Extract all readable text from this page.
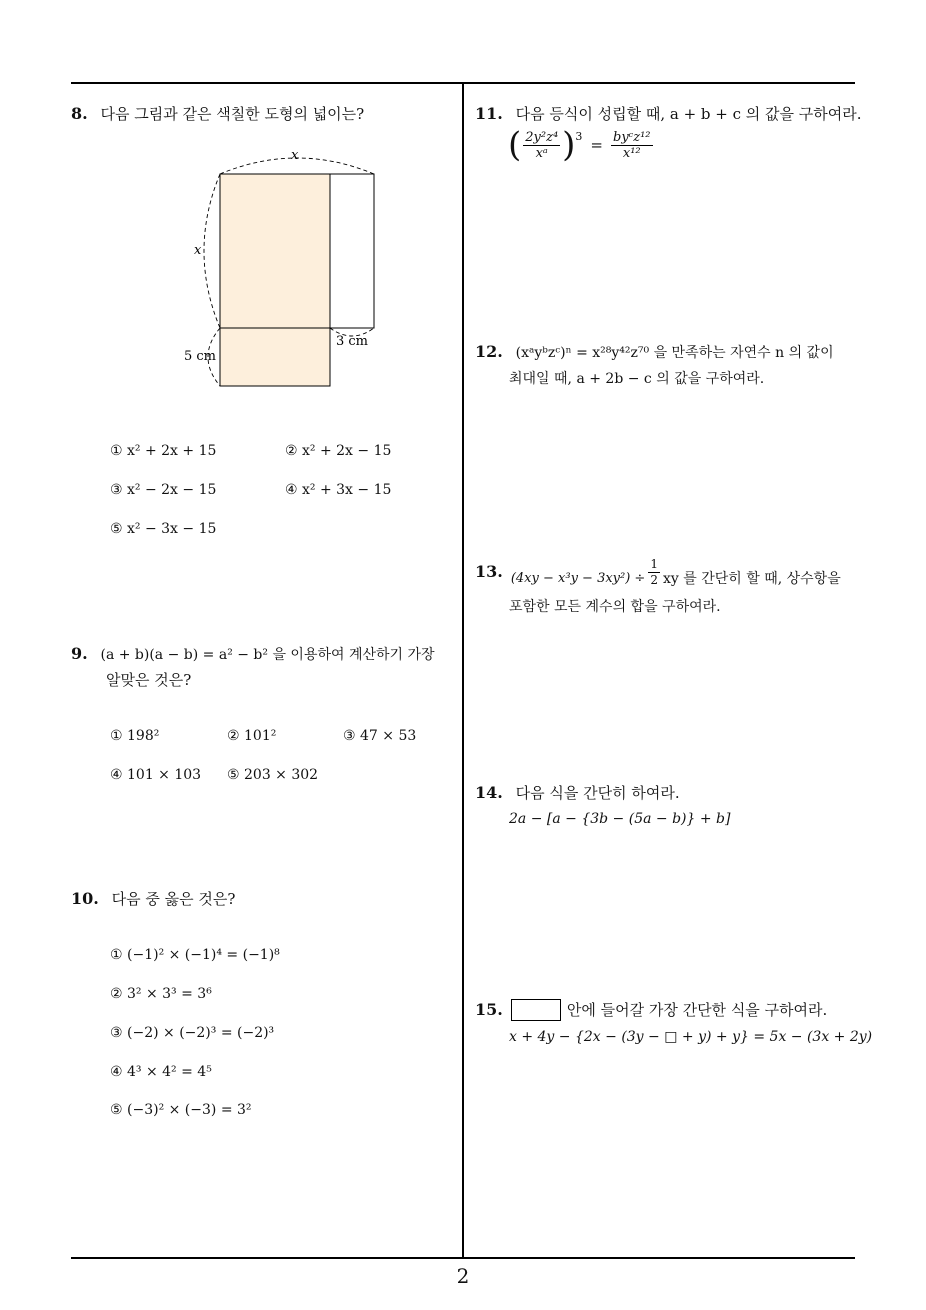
8. 다음 그림과 같은 색칠한 도형의 넓이는?
x
x
5 cm
3 cm
① x² + 2x + 15	② x² + 2x − 15
③ x² − 2x − 15	④ x² + 3x − 15
⑤ x² − 3x − 15
9. (a + b)(a − b) = a² − b² 을 이용하여 계산하기 가장
알맞은 것은?
① 198²	② 101²	③ 47 × 53
④ 101 × 103 ⑤ 203 × 302
10. 다음 중 옳은 것은?
① (−1)² × (−1)⁴ = (−1)⁸
② 3² × 3³ = 3⁶
③ (−2) × (−2)³ = (−2)³
④ 4³ × 4² = 4⁵
⑤ (−3)² × (−3) = 3²
11. 다음 등식이 성립할 때, a + b + c 의 값을 구하여라.
( $\frac{\text{2y²z⁴}}{\text{xᵃ}} )^3$ = byᶜz¹²
x¹²
12. (xᵃyᵇzᶜ)ⁿ = x²⁸y⁴²z⁷⁰ 을 만족하는 자연수 n 의 값이
최대일 때, a + 2b − c 의 값을 구하여라.
13. $(4xy - x^3y - 3xy^2) \div \frac{1}{2}$ xy 를 간단히 할 때, 상수항을
포함한 모든 계수의 합을 구하여라.
14. 다음 식을 간단히 하여라.
2a − [a − {3b − (5a − b)} + b]
15.	안에 들어갈 가장 간단한 식을 구하여라.
x + 4y − {2x − (3y − □ + y) + y} = 5x − (3x + 2y)
2
